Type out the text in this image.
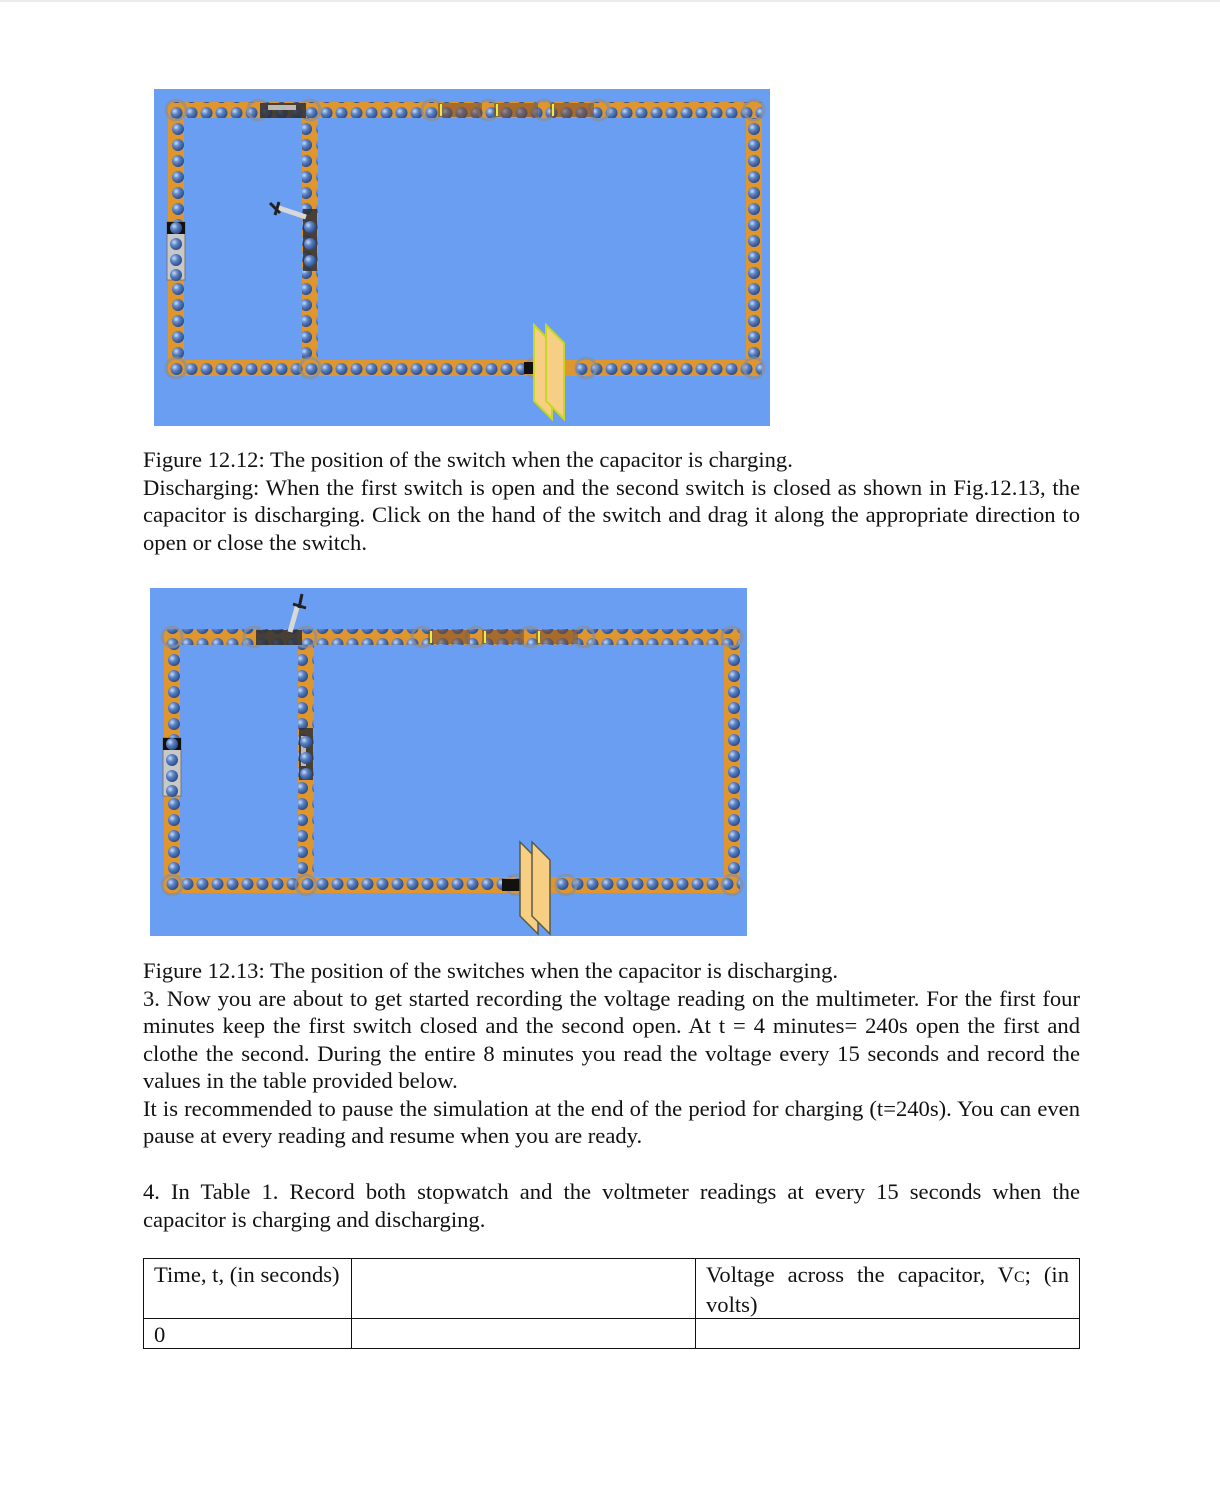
Figure 12.12: The position of the switch when the capacitor is charging.

Discharging: When the first switch is open and the second switch is closed as shown in Fig.12.13, the capacitor is discharging. Click on the hand of the switch and drag it along the appropriate direction to open or close the switch.

Figure 12.13: The position of the switches when the capacitor is discharging.

3. Now you are about to get started recording the voltage reading on the multimeter. For the first four minutes keep the first switch closed and the second open. At t = 4 minutes= 240s open the first and clothe the second. During the entire 8 minutes you read the voltage every 15 seconds and record the values in the table provided below.

It is recommended to pause the simulation at the end of the period for charging (t=240s). You can even pause at every reading and resume when you are ready.

4. In Table 1. Record both stopwatch and the voltmeter readings at every 15 seconds when the capacitor is charging and discharging.

Time, t, (in seconds)		Voltage across the capacitor, VC; (in volts)
0		
